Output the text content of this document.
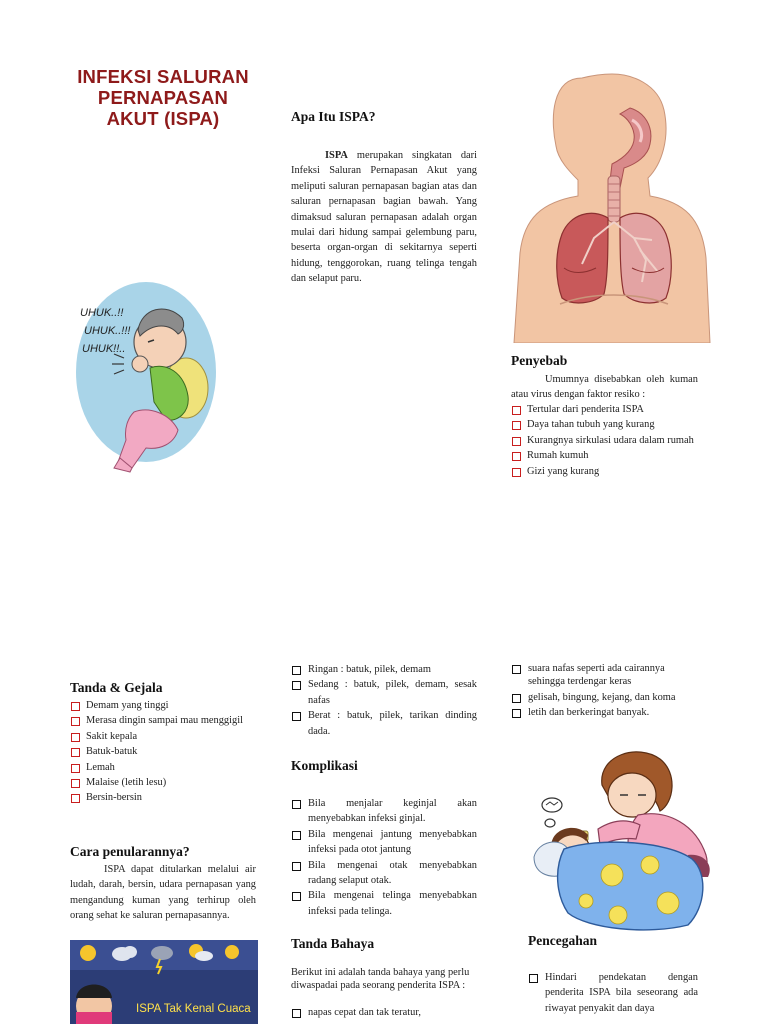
INFEKSI SALURAN
PERNAPASAN
AKUT (ISPA)	Apa Itu ISPA?

ISPA merupakan singkatan dari Infeksi Saluran Pernapasan Akut yang meliputi saluran pernapasan bagian atas dan saluran pernapasan bagian bawah. Yang dimaksud saluran pernapasan adalah organ mulai dari hidung sampai gelembung paru, beserta organ-organ di sekitarnya seperti hidung, tenggorokan, ruang telinga tengah dan selaput paru.

UHUK..!!
UHUK..!!!
UHUK!!..
Penyebab

Umumnya disebabkan oleh kuman atau virus dengan faktor resiko :

Tertular dari penderita ISPA
Daya tahan tubuh yang kurang
Kurangnya sirkulasi udara dalam rumah
Rumah kumuh
Gizi yang kurang
Tanda & Gejala
Demam yang tinggi
Merasa dingin sampai mau menggigil
Sakit kepala
Batuk-batuk
Lemah
Malaise (letih lesu)
Bersin-bersin
Cara penularannya?

ISPA dapat ditularkan melalui air ludah, darah, bersin, udara pernapasan yang mengandung kuman yang terhirup oleh orang sehat ke saluran pernapasannya.

ISPA Tak Kenal Cuaca
Ringan : batuk, pilek, demam
Sedang : batuk, pilek, demam, sesak nafas
Berat : batuk, pilek, tarikan dinding dada.
Komplikasi
Bila menjalar keginjal akan menyebabkan infeksi ginjal.
Bila mengenai jantung menyebabkan infeksi pada otot jantung
Bila mengenai otak menyebabkan radang selaput otak.
Bila mengenai telinga menyebabkan infeksi pada telinga.
Tanda Bahaya

Berikut ini adalah tanda bahaya yang perlu diwaspadai pada seorang penderita ISPA :

napas cepat dan tak teratur,
suara nafas seperti ada cairannya sehingga terdengar keras
gelisah, bingung, kejang, dan koma
letih dan berkeringat banyak.
Pencegahan
Hindari pendekatan dengan penderita ISPA bila seseorang ada riwayat penyakit dan daya
